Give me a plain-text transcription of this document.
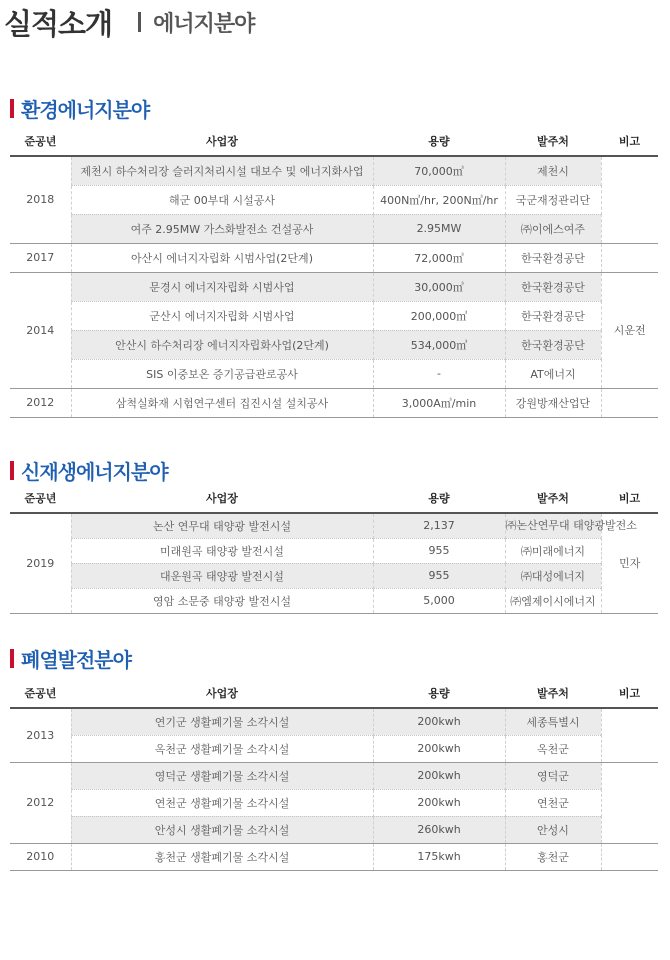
실적소개 에너지분야
환경에너지분야
준공년	사업장	용량	발주처	비고
2018	제천시 하수처리장 슬러지처리시설 대보수 및 에너지화사업	70,000㎥	제천시	
	해군 00부대 시설공사	400N㎥/hr, 200N㎥/hr	국군재정관리단	
	여주 2.95MW 가스화발전소 건설공사	2.95MW	㈜이에스여주	
2017	아산시 에너지자립화 시범사업(2단계)	72,000㎥	한국환경공단	
2014	문경시 에너지자립화 시범사업	30,000㎥	한국환경공단	시운전
	군산시 에너지자립화 시범사업	200,000㎥	한국환경공단	
	안산시 하수처리장 에너지자립화사업(2단계)	534,000㎥	한국환경공단	
	SIS 이중보온 증기공급관로공사	-	AT에너지	
2012	삼척실화재 시험연구센터 집진시설 설치공사	3,000A㎥/min	강원방재산업단	
신재생에너지분야
준공년	사업장	용량	발주처	비고
2019	논산 연무대 태양광 발전시설	2,137	㈜논산연무대 태양광발전소	민자
	미래원곡 태양광 발전시설	955	㈜미래에너지	
	대운원곡 태양광 발전시설	955	㈜대성에너지	
	영암 소문중 태양광 발전시설	5,000	㈜엠제이시에너지	
폐열발전분야
준공년	사업장	용량	발주처	비고
2013	연기군 생활폐기물 소각시설	200kwh	세종특별시	
	옥천군 생활폐기물 소각시설	200kwh	옥천군	
2012	영덕군 생활폐기물 소각시설	200kwh	영덕군	
	연천군 생활폐기물 소각시설	200kwh	연천군	
	안성시 생활폐기물 소각시설	260kwh	안성시	
2010	홍천군 생활폐기물 소각시설	175kwh	홍천군	
